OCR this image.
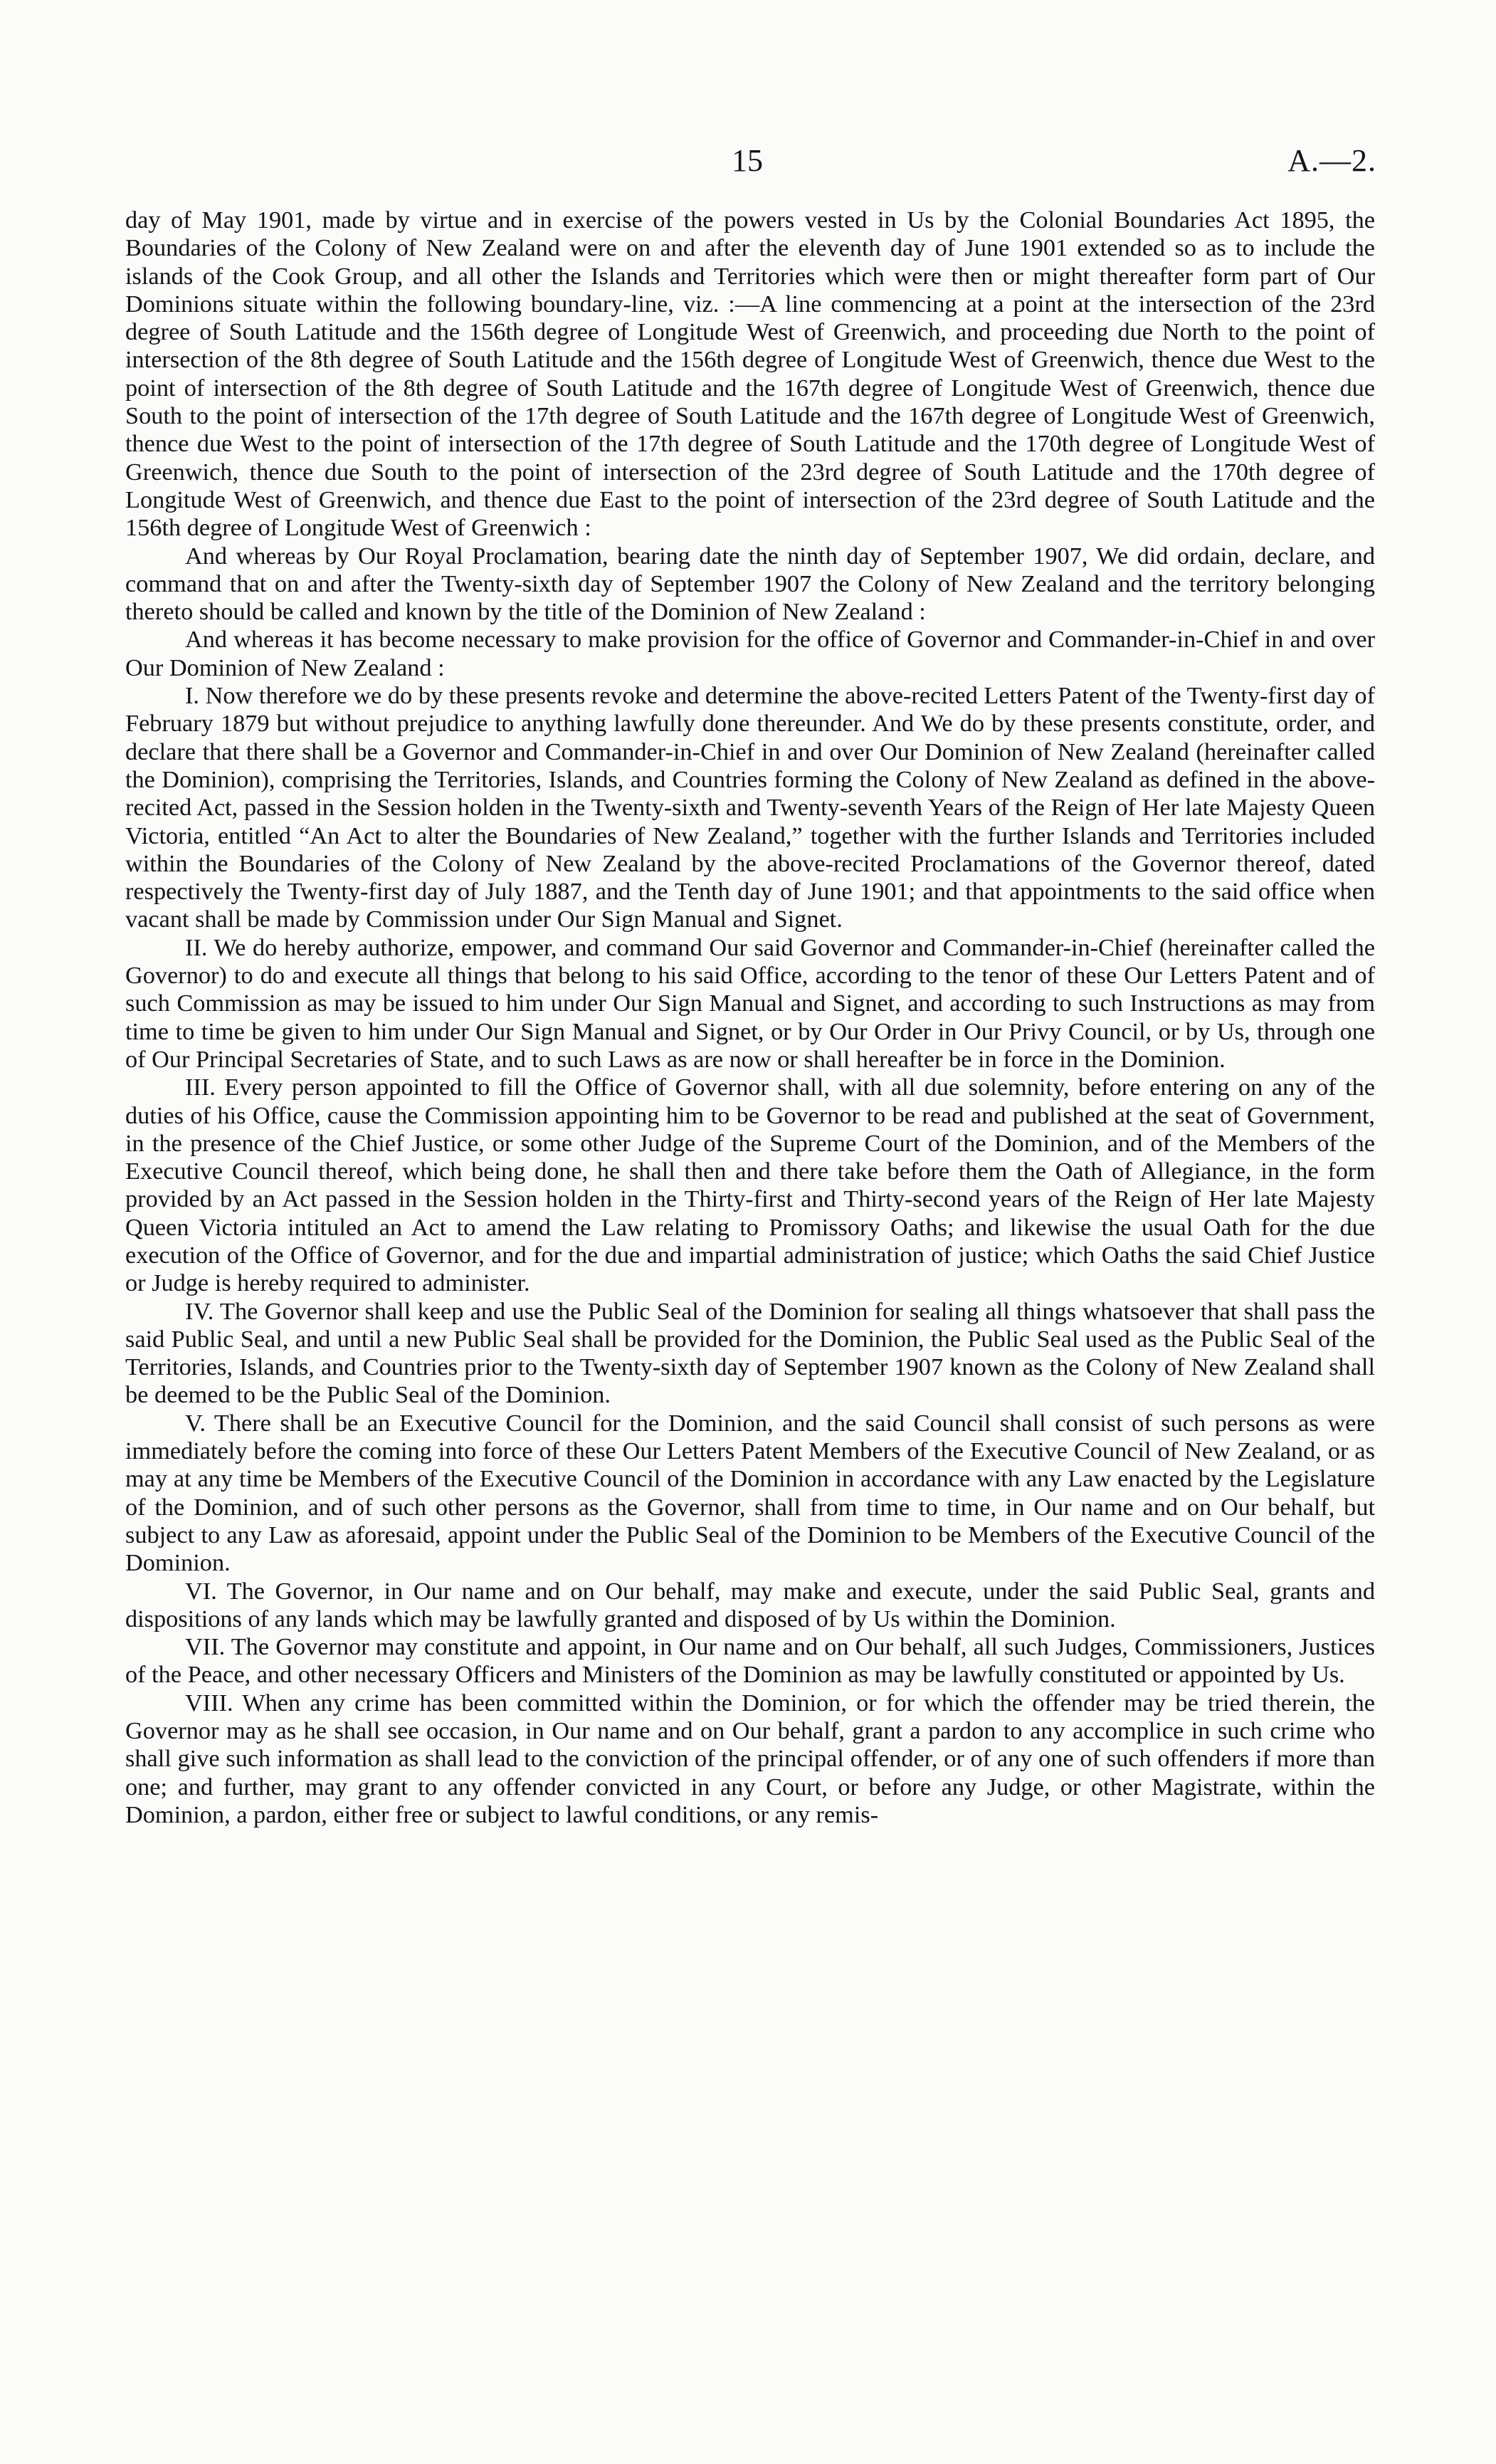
15	A.—2.

day of May 1901, made by virtue and in exercise of the powers vested in Us by the Colonial Boundaries Act 1895, the Boundaries of the Colony of New Zealand were on and after the eleventh day of June 1901 extended so as to include the islands of the Cook Group, and all other the Islands and Territories which were then or might thereafter form part of Our Dominions situate within the following boundary-line, viz. :—A line commencing at a point at the intersection of the 23rd degree of South Latitude and the 156th degree of Longitude West of Greenwich, and proceeding due North to the point of intersection of the 8th degree of South Latitude and the 156th degree of Longitude West of Greenwich, thence due West to the point of intersection of the 8th degree of South Latitude and the 167th degree of Longitude West of Greenwich, thence due South to the point of intersection of the 17th degree of South Latitude and the 167th degree of Longitude West of Greenwich, thence due West to the point of intersection of the 17th degree of South Latitude and the 170th degree of Longitude West of Greenwich, thence due South to the point of intersection of the 23rd degree of South Latitude and the 170th degree of Longitude West of Greenwich, and thence due East to the point of intersection of the 23rd degree of South Latitude and the 156th degree of Longitude West of Greenwich :

And whereas by Our Royal Proclamation, bearing date the ninth day of September 1907, We did ordain, declare, and command that on and after the Twenty-sixth day of September 1907 the Colony of New Zealand and the territory belonging thereto should be called and known by the title of the Dominion of New Zealand :

And whereas it has become necessary to make provision for the office of Governor and Commander-in-Chief in and over Our Dominion of New Zealand :

I. Now therefore we do by these presents revoke and determine the above-recited Letters Patent of the Twenty-first day of February 1879 but without prejudice to anything lawfully done thereunder. And We do by these presents constitute, order, and declare that there shall be a Governor and Commander-in-Chief in and over Our Dominion of New Zealand (hereinafter called the Dominion), comprising the Territories, Islands, and Countries forming the Colony of New Zealand as defined in the above-recited Act, passed in the Session holden in the Twenty-sixth and Twenty-seventh Years of the Reign of Her late Majesty Queen Victoria, entitled “An Act to alter the Boundaries of New Zealand,” together with the further Islands and Territories included within the Boundaries of the Colony of New Zealand by the above-recited Proclamations of the Governor thereof, dated respectively the Twenty-first day of July 1887, and the Tenth day of June 1901; and that appointments to the said office when vacant shall be made by Commission under Our Sign Manual and Signet.

II. We do hereby authorize, empower, and command Our said Governor and Commander-in-Chief (hereinafter called the Governor) to do and execute all things that belong to his said Office, according to the tenor of these Our Letters Patent and of such Commission as may be issued to him under Our Sign Manual and Signet, and according to such Instructions as may from time to time be given to him under Our Sign Manual and Signet, or by Our Order in Our Privy Council, or by Us, through one of Our Principal Secretaries of State, and to such Laws as are now or shall hereafter be in force in the Dominion.

III. Every person appointed to fill the Office of Governor shall, with all due solemnity, before entering on any of the duties of his Office, cause the Commission appointing him to be Governor to be read and published at the seat of Government, in the presence of the Chief Justice, or some other Judge of the Supreme Court of the Dominion, and of the Members of the Executive Council thereof, which being done, he shall then and there take before them the Oath of Allegiance, in the form provided by an Act passed in the Session holden in the Thirty-first and Thirty-second years of the Reign of Her late Majesty Queen Victoria intituled an Act to amend the Law relating to Promissory Oaths; and likewise the usual Oath for the due execution of the Office of Governor, and for the due and impartial administration of justice; which Oaths the said Chief Justice or Judge is hereby required to administer.

IV. The Governor shall keep and use the Public Seal of the Dominion for sealing all things whatsoever that shall pass the said Public Seal, and until a new Public Seal shall be provided for the Dominion, the Public Seal used as the Public Seal of the Territories, Islands, and Countries prior to the Twenty-sixth day of September 1907 known as the Colony of New Zealand shall be deemed to be the Public Seal of the Dominion.

V. There shall be an Executive Council for the Dominion, and the said Council shall consist of such persons as were immediately before the coming into force of these Our Letters Patent Members of the Executive Council of New Zealand, or as may at any time be Members of the Executive Council of the Dominion in accordance with any Law enacted by the Legislature of the Dominion, and of such other persons as the Governor, shall from time to time, in Our name and on Our behalf, but subject to any Law as aforesaid, appoint under the Public Seal of the Dominion to be Members of the Executive Council of the Dominion.

VI. The Governor, in Our name and on Our behalf, may make and execute, under the said Public Seal, grants and dispositions of any lands which may be lawfully granted and disposed of by Us within the Dominion.

VII. The Governor may constitute and appoint, in Our name and on Our behalf, all such Judges, Commissioners, Justices of the Peace, and other necessary Officers and Ministers of the Dominion as may be lawfully constituted or appointed by Us.

VIII. When any crime has been committed within the Dominion, or for which the offender may be tried therein, the Governor may as he shall see occasion, in Our name and on Our behalf, grant a pardon to any accomplice in such crime who shall give such information as shall lead to the conviction of the principal offender, or of any one of such offenders if more than one; and further, may grant to any offender convicted in any Court, or before any Judge, or other Magistrate, within the Dominion, a pardon, either free or subject to lawful conditions, or any remis-
